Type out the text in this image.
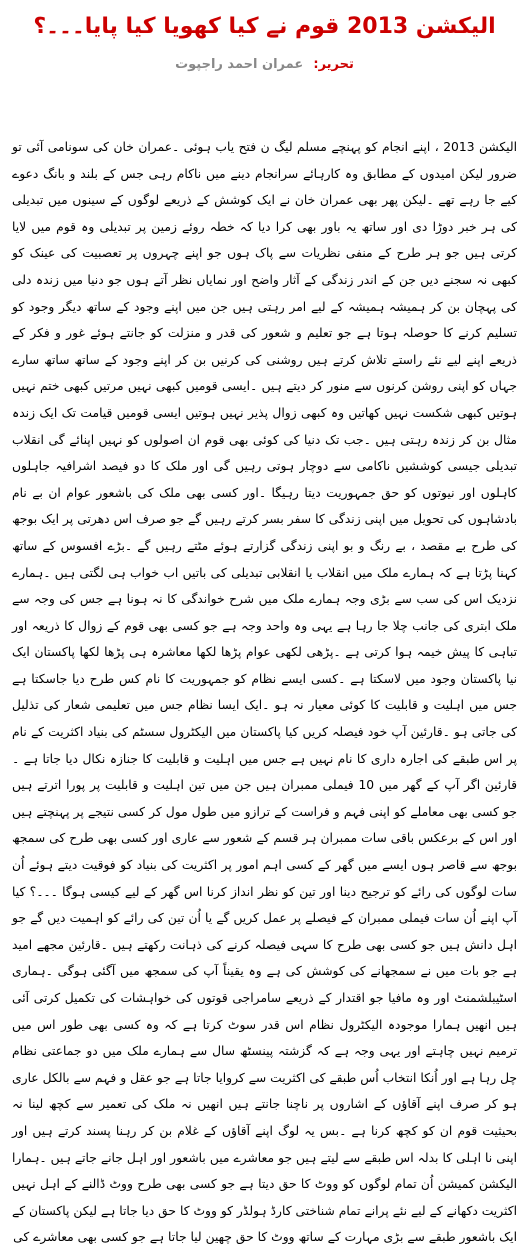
الیکشن 2013 قوم نے کیا کھویا کیا پایا۔۔۔؟
تحریر: عمران احمد راجپوت
الیکشن 2013 ، اپنے انجام کو پہنچے مسلم لیگ ن فتح یاب ہوئی ۔عمران خان کی سونامی آئی تو ضرور لیکن امیدوں کے مطابق وہ کارہائے سرانجام دینے میں ناکام رہی جس کے بلند و بانگ دعوے کیے جا رہے تھے ۔لیکن پھر بھی عمران خان نے ایک کوشش کے ذریعے لوگوں کے سینوں میں تبدیلی کی ہر خبر دوڑا دی اور ساتھ یہ باور بھی کرا دیا کہ خطہ روئے زمین پر تبدیلی وہ قوم میں لایا کرتی ہیں جو ہر طرح کے منفی نظریات سے پاک ہوں جو اپنے چہروں پر تعصبیت کی عینک کو کبھی نہ سجنے دیں جن کے اندر زندگی کے آثار واضح اور نمایاں نظر آتے ہوں جو دنیا میں زندہ دلی کی پہچان بن کر ہمیشہ ہمیشہ کے لیے امر رہتی ہیں جن میں اپنے وجود کے ساتھ دیگر وجود کو تسلیم کرنے کا حوصلہ ہوتا ہے جو تعلیم و شعور کی قدر و منزلت کو جانتے ہوئے غور و فکر کے ذریعے اپنے لیے نئے راستے تلاش کرتے ہیں روشنی کی کرنیں بن کر اپنے وجود کے ساتھ ساتھ سارے جہاں کو اپنی روشن کرنوں سے منور کر دیتے ہیں ۔ایسی قومیں کبھی نہیں مرتیں کبھی ختم نہیں ہوتیں کبھی شکست نہیں کھاتیں وہ کبھی زوال پذیر نہیں ہوتیں ایسی قومیں قیامت تک ایک زندہ مثال بن کر زندہ رہتی ہیں ۔جب تک دنیا کی کوئی بھی قوم ان اصولوں کو نہیں اپنائے گی انقلاب تبدیلی جیسی کوششیں ناکامی سے دوچار ہوتی رہیں گی اور ملک کا دو فیصد اشرافیہ جاہلوں کاہلوں اور نیوتوں کو حق جمہوریت دیتا رہیگا ۔اور کسی بھی ملک کی باشعور عوام ان بے نام بادشاہوں کی تحویل میں اپنی زندگی کا سفر بسر کرتے رہیں گے جو صرف اس دھرتی پر ایک بوجھ کی طرح بے مقصد ، بے رنگ و بو اپنی زندگی گزارتے ہوئے مٹتے رہیں گے ۔بڑے افسوس کے ساتھ کہنا پڑتا ہے کہ ہمارے ملک میں انقلاب یا انقلابی تبدیلی کی باتیں اب خواب ہی لگتی ہیں ۔ہمارے نزدیک اس کی سب سے بڑی وجہ ہمارے ملک میں شرح خواندگی کا نہ ہونا ہے جس کی وجہ سے ملک ابتری کی جانب چلا جا رہا ہے یہی وہ واحد وجہ ہے جو کسی بھی قوم کے زوال کا ذریعہ اور تباہی کا پیش خیمہ ہوا کرتی ہے ۔پڑھی لکھی عوام پڑھا لکھا معاشرہ ہی پڑھا لکھا پاکستان ایک نیا پاکستان وجود میں لاسکتا ہے ۔کسی ایسے نظام کو جمہوریت کا نام کس طرح دیا جاسکتا ہے جس میں اہلیت و قابلیت کا کوئی معیار نہ ہو ۔ایک ایسا نظام جس میں تعلیمی شعار کی تذلیل کی جاتی ہو ۔قارئین آپ خود فیصلہ کریں کیا پاکستان میں الیکٹرول سسٹم کی بنیاد اکثریت کے نام پر اس طبقے کی اجارہ داری کا نام نہیں ہے جس میں اہلیت و قابلیت کا جنازہ نکال دیا جاتا ہے ۔قارئین اگر آپ کے گھر میں 10 فیملی ممبران ہیں جن میں تین اہلیت و قابلیت پر پورا اترتے ہیں جو کسی بھی معاملے کو اپنی فہم و فراست کے ترازو میں طول مول کر کسی نتیجے پر پہنچتے ہیں اور اس کے برعکس باقی سات ممبران ہر قسم کے شعور سے عاری اور کسی بھی طرح کی سمجھ بوجھ سے قاصر ہوں ایسے میں گھر کے کسی اہم امور پر اکثریت کی بنیاد کو فوقیت دیتے ہوئے اُن سات لوگوں کی رائے کو ترجیح دینا اور تین کو نظر انداز کرنا اس گھر کے لیے کیسی ہوگا ۔۔۔؟ کیا آپ اپنے اُن سات فیملی ممبران کے فیصلے پر عمل کریں گے یا اُن تین کی رائے کو اہمیت دیں گے جو اہل دانش ہیں جو کسی بھی طرح کا سہی فیصلہ کرنے کی ذہانت رکھتے ہیں ۔قارئین مجھے امید ہے جو بات میں نے سمجھانے کی کوشش کی ہے وہ یقیناً آپ کی سمجھ میں آگئی ہوگی ۔ہماری اسٹیبلشمنٹ اور وہ مافیا جو اقتدار کے ذریعے سامراجی قوتوں کی خواہشات کی تکمیل کرتی آئی ہیں انھیں ہمارا موجودہ الیکٹرول نظام اس قدر سوٹ کرتا ہے کہ وہ کسی بھی طور اس میں ترمیم نہیں چاہتے اور یہی وجہ ہے کہ گزشتہ پینسٹھ سال سے ہمارے ملک میں دو جماعتی نظام چل رہا ہے اور اُنکا انتخاب اُس طبقے کی اکثریت سے کروایا جاتا ہے جو عقل و فہم سے بالکل عاری ہو کر صرف اپنے آقاؤں کے اشاروں پر ناچنا جانتے ہیں انھیں نہ ملک کی تعمیر سے کچھ لینا نہ بحیثیت قوم ان کو کچھ کرنا ہے ۔بس یہ لوگ اپنے آقاؤں کے غلام بن کر رہنا پسند کرتے ہیں اور اپنی نا اہلی کا بدلہ اس طبقے سے لیتے ہیں جو معاشرے میں باشعور اور اہل جانے جاتے ہیں ۔ہمارا الیکشن کمیشن اُن تمام لوگوں کو ووٹ کا حق دیتا ہے جو کسی بھی طرح ووٹ ڈالنے کے اہل نہیں اکثریت دکھانے کے لیے نئے پرانے تمام شناختی کارڈ ہولڈر کو ووٹ کا حق دیا جاتا ہے لیکن پاکستان کے ایک باشعور طبقے سے بڑی مہارت کے ساتھ ووٹ کا حق چھین لیا جاتا ہے جو کسی بھی معاشرے کی
